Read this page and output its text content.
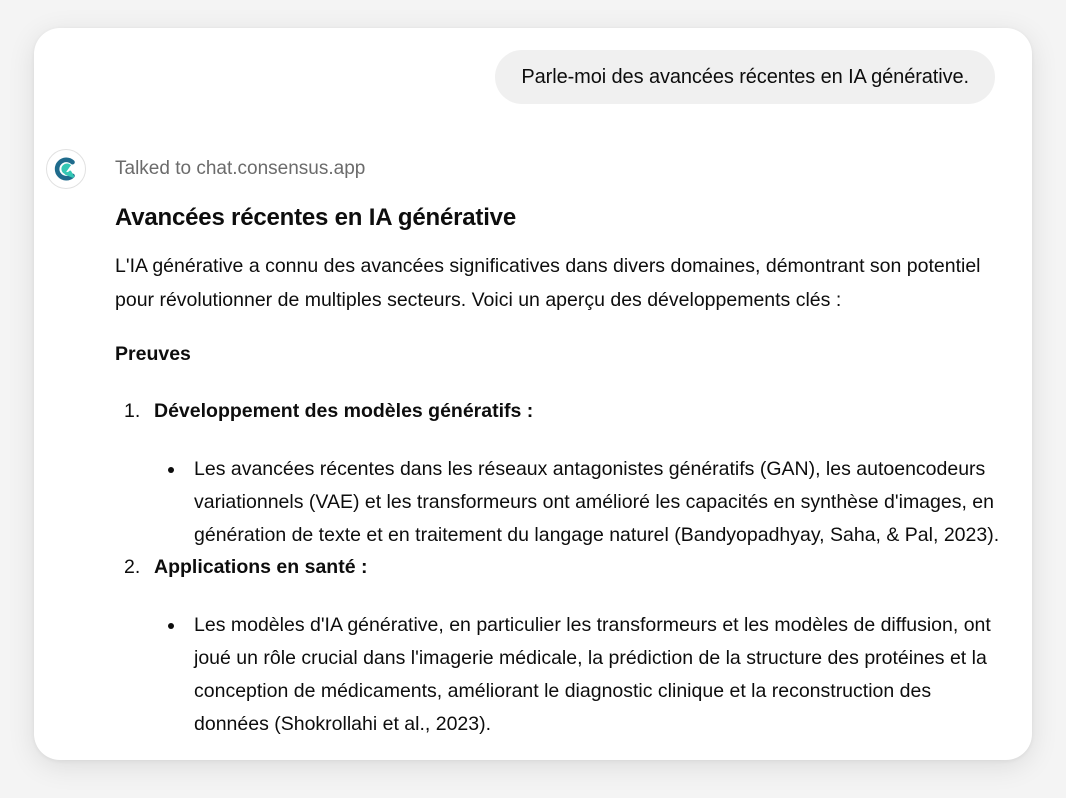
Parle-moi des avancées récentes en IA générative.
Talked to chat.consensus.app
Avancées récentes en IA générative

L'IA générative a connu des avancées significatives dans divers domaines, démontrant son potentiel pour révolutionner de multiples secteurs. Voici un aperçu des développements clés :

Preuves
1. Développement des modèles génératifs :
Les avancées récentes dans les réseaux antagonistes génératifs (GAN), les autoencodeurs variationnels (VAE) et les transformeurs ont amélioré les capacités en synthèse d'images, en génération de texte et en traitement du langage naturel (Bandyopadhyay, Saha, & Pal, 2023).
2. Applications en santé :
Les modèles d'IA générative, en particulier les transformeurs et les modèles de diffusion, ont joué un rôle crucial dans l'imagerie médicale, la prédiction de la structure des protéines et la conception de médicaments, améliorant le diagnostic clinique et la reconstruction des données (Shokrollahi et al., 2023).
